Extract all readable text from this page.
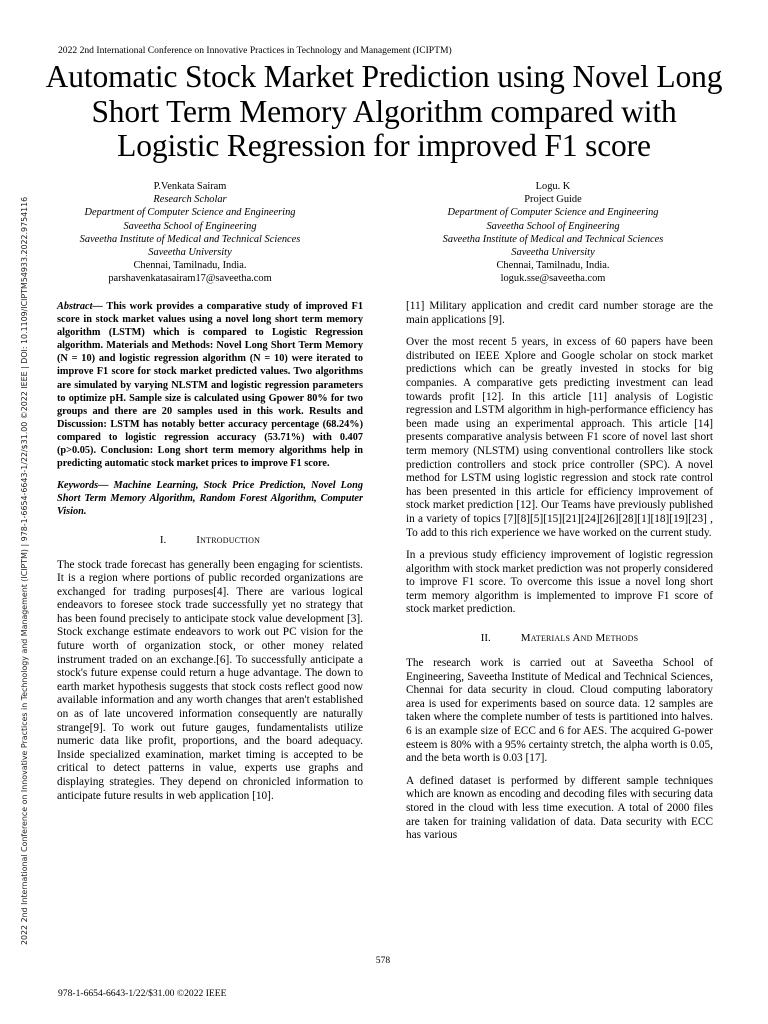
2022 2nd International Conference on Innovative Practices in Technology and Management (ICIPTM)
Automatic Stock Market Prediction using Novel Long
Short Term Memory Algorithm compared with
Logistic Regression for improved F1 score
P.Venkata Sairam
Research Scholar
Department of Computer Science and Engineering
Saveetha School of Engineering
Saveetha Institute of Medical and Technical Sciences
Saveetha University
Chennai, Tamilnadu, India.
parshavenkatasairam17@saveetha.com
Logu. K
Project Guide
Department of Computer Science and Engineering
Saveetha School of Engineering
Saveetha Institute of Medical and Technical Sciences
Saveetha University
Chennai, Tamilnadu, India.
loguk.sse@saveetha.com

Abstract— This work provides a comparative study of improved F1 score in stock market values using a novel long short term memory algorithm (LSTM) which is compared to Logistic Regression algorithm. Materials and Methods: Novel Long Short Term Memory (N = 10) and logistic regression algorithm (N = 10) were iterated to improve F1 score for stock market predicted values. Two algorithms are simulated by varying NLSTM and logistic regression parameters to optimize pH. Sample size is calculated using Gpower 80% for two groups and there are 20 samples used in this work. Results and Discussion: LSTM has notably better accuracy percentage (68.24%) compared to logistic regression accuracy (53.71%) with 0.407 (p>0.05). Conclusion: Long short term memory algorithms help in predicting automatic stock market prices to improve F1 score.

Keywords— Machine Learning, Stock Price Prediction, Novel Long Short Term Memory Algorithm, Random Forest Algorithm, Computer Vision.

I.	Introduction

The stock trade forecast has generally been engaging for scientists. It is a region where portions of public recorded organizations are exchanged for trading purposes[4]. There are various logical endeavors to foresee stock trade successfully yet no strategy that has been found precisely to anticipate stock value development [3]. Stock exchange estimate endeavors to work out PC vision for the future worth of organization stock, or other money related instrument traded on an exchange.[6]. To successfully anticipate a stock's future expense could return a huge advantage. The down to earth market hypothesis suggests that stock costs reflect good now available information and any worth changes that aren't established on as of late uncovered information consequently are naturally strange[9]. To work out future gauges, fundamentalists utilize numeric data like profit, proportions, and the board adequacy. Inside specialized examination, market timing is accepted to be critical to detect patterns in value, experts use graphs and displaying strategies. They depend on chronicled information to anticipate future results in web application [10].

[11] Military application and credit card number storage are the main applications [9].

Over the most recent 5 years, in excess of 60 papers have been distributed on IEEE Xplore and Google scholar on stock market predictions which can be greatly invested in stocks for big companies. A comparative gets predicting investment can lead towards profit [12]. In this article [11] analysis of Logistic regression and LSTM algorithm in high-performance efficiency has been made using an experimental approach. This article [14] presents comparative analysis between F1 score of novel last short term memory (NLSTM) using conventional controllers like stock prediction controllers and stock price controller (SPC). A novel method for LSTM using logistic regression and stock rate control has been presented in this article for efficiency improvement of stock market prediction [12]. Our Teams have previously published in a variety of topics [7][8][5][15][21][24][26][28][1][18][19][23] , To add to this rich experience we have worked on the current study.

In a previous study efficiency improvement of logistic regression algorithm with stock market prediction was not properly considered to improve F1 score. To overcome this issue a novel long short term memory algorithm is implemented to improve F1 score of stock market prediction.

II.	Materials And Methods

The research work is carried out at Saveetha School of Engineering, Saveetha Institute of Medical and Technical Sciences, Chennai for data security in cloud. Cloud computing laboratory area is used for experiments based on source data. 12 samples are taken where the complete number of tests is partitioned into halves. 6 is an example size of ECC and 6 for AES. The acquired G-power esteem is 80% with a 95% certainty stretch, the alpha worth is 0.05, and the beta worth is 0.03 [17].

A defined dataset is performed by different sample techniques which are known as encoding and decoding files with securing data stored in the cloud with less time execution. A total of 2000 files are taken for training validation of data. Data security with ECC has various

578
978-1-6654-6643-1/22/$31.00 ©2022 IEEE
2022 2nd International Conference on Innovative Practices in Technology and Management (ICIPTM) | 978-1-6654-6643-1/22/$31.00 ©2022 IEEE | DOI: 10.1109/ICIPTM54933.2022.9754116
